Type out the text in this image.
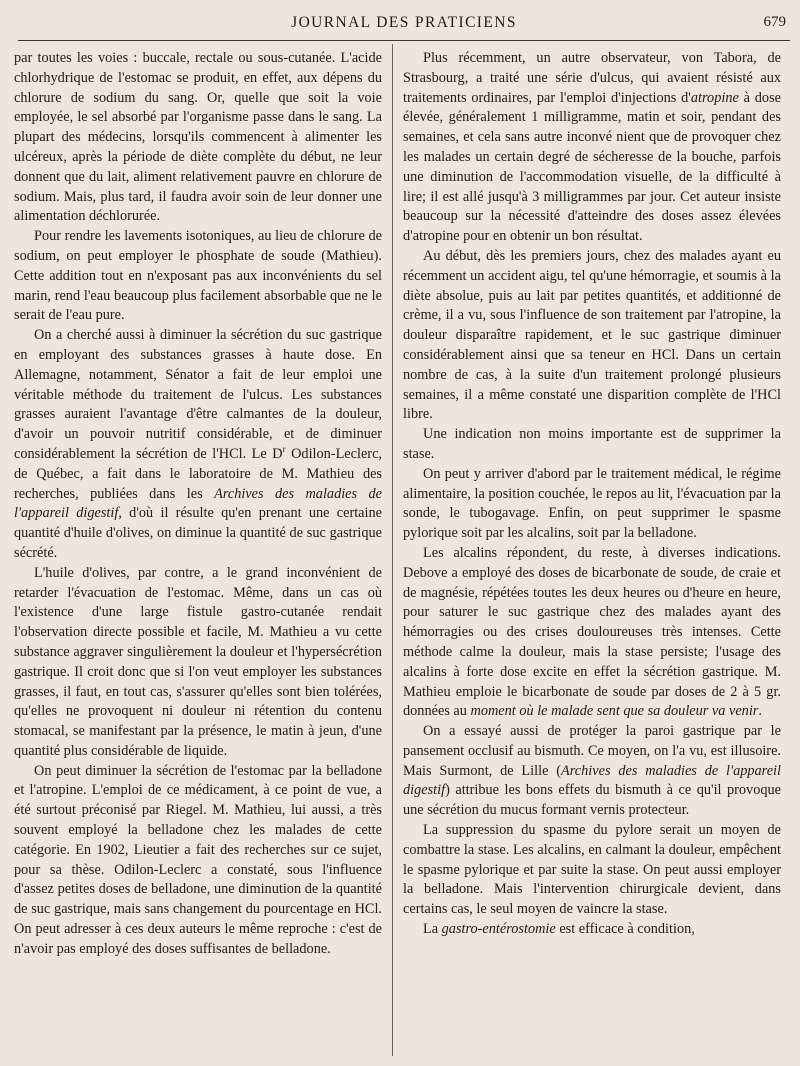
JOURNAL DES PRATICIENS	679

par toutes les voies : buccale, rectale ou sous-cutanée. L'acide chlorhydrique de l'estomac se produit, en effet, aux dépens du chlorure de sodium du sang. Or, quelle que soit la voie employée, le sel absorbé par l'organisme passe dans le sang. La plupart des médecins, lorsqu'ils commencent à alimenter les ulcéreux, après la période de diète complète du début, ne leur donnent que du lait, aliment relativement pauvre en chlorure de sodium. Mais, plus tard, il faudra avoir soin de leur donner une alimentation déchlorurée.

Pour rendre les lavements isotoniques, au lieu de chlorure de sodium, on peut employer le phosphate de soude (Mathieu). Cette addition tout en n'exposant pas aux inconvénients du sel marin, rend l'eau beaucoup plus facilement absorbable que ne le serait de l'eau pure.

On a cherché aussi à diminuer la sécrétion du suc gastrique en employant des substances grasses à haute dose. En Allemagne, notamment, Sénator a fait de leur emploi une véritable méthode du traitement de l'ulcus. Les substances grasses auraient l'avantage d'être calmantes de la douleur, d'avoir un pouvoir nutritif considérable, et de diminuer considérablement la sécrétion de l'HCl. Le $D^r$ Odilon-Leclerc, de Québec, a fait dans le laboratoire de M. Mathieu des recherches, publiées dans les Archives des maladies de l'appareil digestif, d'où il résulte qu'en prenant une certaine quantité d'huile d'olives, on diminue la quantité de suc gastrique sécrété.

L'huile d'olives, par contre, a le grand inconvénient de retarder l'évacuation de l'estomac. Même, dans un cas où l'existence d'une large fistule gastro-cutanée rendait l'observation directe possible et facile, M. Mathieu a vu cette substance aggraver singulièrement la douleur et l'hypersécrétion gastrique. Il croit donc que si l'on veut employer les substances grasses, il faut, en tout cas, s'assurer qu'elles sont bien tolérées, qu'elles ne provoquent ni douleur ni rétention du contenu stomacal, se manifestant par la présence, le matin à jeun, d'une quantité plus considérable de liquide.

On peut diminuer la sécrétion de l'estomac par la belladone et l'atropine. L'emploi de ce médicament, à ce point de vue, a été surtout préconisé par Riegel. M. Mathieu, lui aussi, a très souvent employé la belladone chez les malades de cette catégorie. En 1902, Lieutier a fait des recherches sur ce sujet, pour sa thèse. Odilon-Leclerc a constaté, sous l'influence d'assez petites doses de belladone, une diminution de la quantité de suc gastrique, mais sans changement du pourcentage en HCl. On peut adresser à ces deux auteurs le même reproche : c'est de n'avoir pas employé des doses suffisantes de belladone.

Plus récemment, un autre observateur, von Tabora, de Strasbourg, a traité une série d'ulcus, qui avaient résisté aux traitements ordinaires, par l'emploi d'injections d'atropine à dose élevée, généralement 1 milligramme, matin et soir, pendant des semaines, et cela sans autre inconvé nient que de provoquer chez les malades un certain degré de sécheresse de la bouche, parfois une diminution de l'accommodation visuelle, de la difficulté à lire; il est allé jusqu'à 3 milligrammes par jour. Cet auteur insiste beaucoup sur la nécessité d'atteindre des doses assez élevées d'atropine pour en obtenir un bon résultat.

Au début, dès les premiers jours, chez des malades ayant eu récemment un accident aigu, tel qu'une hémorragie, et soumis à la diète absolue, puis au lait par petites quantités, et additionné de crème, il a vu, sous l'influence de son traitement par l'atropine, la douleur disparaître rapidement, et le suc gastrique diminuer considérablement ainsi que sa teneur en HCl. Dans un certain nombre de cas, à la suite d'un traitement prolongé plusieurs semaines, il a même constaté une disparition complète de l'HCl libre.

Une indication non moins importante est de supprimer la stase.

On peut y arriver d'abord par le traitement médical, le régime alimentaire, la position couchée, le repos au lit, l'évacuation par la sonde, le tubogavage. Enfin, on peut supprimer le spasme pylorique soit par les alcalins, soit par la belladone.

Les alcalins répondent, du reste, à diverses indications. Debove a employé des doses de bicarbonate de soude, de craie et de magnésie, répétées toutes les deux heures ou d'heure en heure, pour saturer le suc gastrique chez des malades ayant des hémorragies ou des crises douloureuses très intenses. Cette méthode calme la douleur, mais la stase persiste; l'usage des alcalins à forte dose excite en effet la sécrétion gastrique. M. Mathieu emploie le bicarbonate de soude par doses de 2 à 5 gr. données au moment où le malade sent que sa douleur va venir.

On a essayé aussi de protéger la paroi gastrique par le pansement occlusif au bismuth. Ce moyen, on l'a vu, est illusoire. Mais Surmont, de Lille (Archives des maladies de l'appareil digestif) attribue les bons effets du bismuth à ce qu'il provoque une sécrétion du mucus formant vernis protecteur.

La suppression du spasme du pylore serait un moyen de combattre la stase. Les alcalins, en calmant la douleur, empêchent le spasme pylorique et par suite la stase. On peut aussi employer la belladone. Mais l'intervention chirurgicale devient, dans certains cas, le seul moyen de vaincre la stase.

La gastro-entérostomie est efficace à condition,
